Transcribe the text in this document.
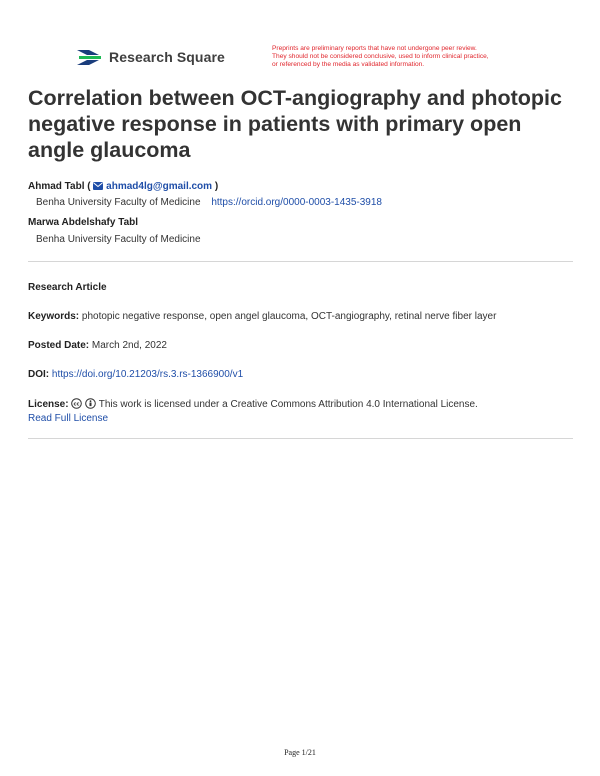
Research Square
Preprints are preliminary reports that have not undergone peer review.
They should not be considered conclusive, used to inform clinical practice,
or referenced by the media as validated information.
Correlation between OCT-angiography and photopic negative response in patients with primary open angle glaucoma
Ahmad Tabl ( ahmad4lg@gmail.com )
Benha University Faculty of Medicine https://orcid.org/0000-0003-1435-3918
Marwa Abdelshafy Tabl
Benha University Faculty of Medicine
Research Article
Keywords: photopic negative response, open angel glaucoma, OCT-angiography, retinal nerve fiber layer
Posted Date: March 2nd, 2022
DOI: https://doi.org/10.21203/rs.3.rs-1366900/v1
License: cc This work is licensed under a Creative Commons Attribution 4.0 International License.
Read Full License
Page 1/21
